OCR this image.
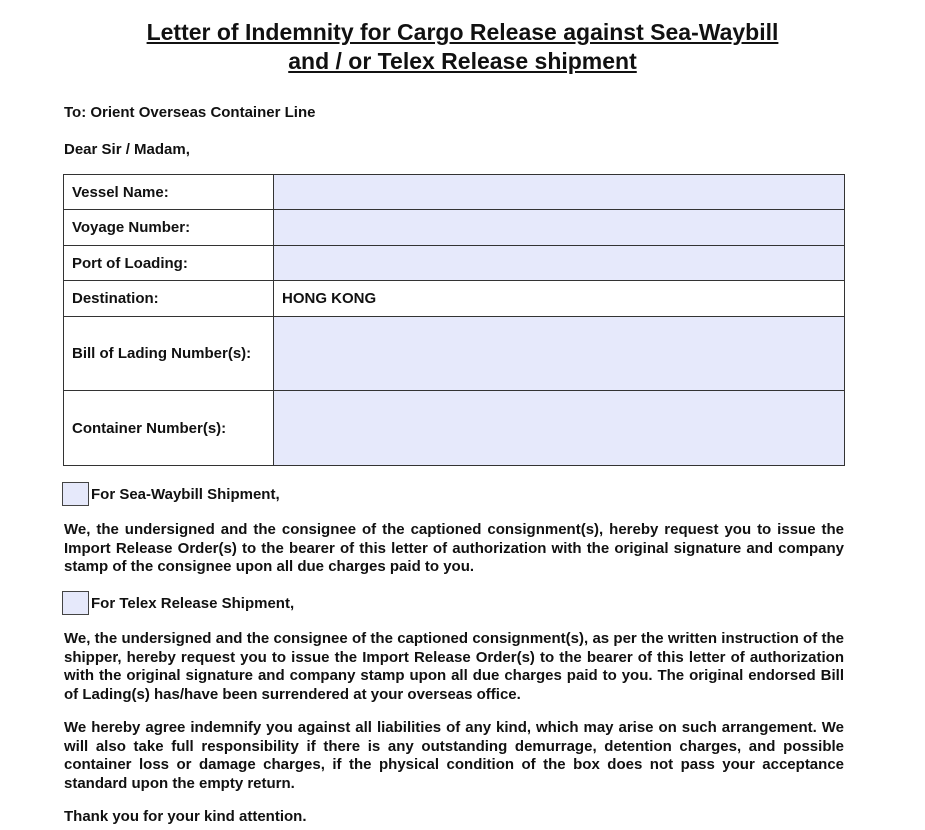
Letter of Indemnity for Cargo Release against Sea-Waybill
and / or Telex Release shipment
To: Orient Overseas Container Line
Dear Sir / Madam,
Vessel Name:	
Voyage Number:	
Port of Loading:	
Destination:	HONG KONG
Bill of Lading Number(s):	
Container Number(s):	
For Sea-Waybill Shipment,
We, the undersigned and the consignee of the captioned consignment(s), hereby request you to issue the Import Release Order(s) to the bearer of this letter of authorization with the original signature and company stamp of the consignee upon all due charges paid to you.
For Telex Release Shipment,
We, the undersigned and the consignee of the captioned consignment(s), as per the written instruction of the shipper, hereby request you to issue the Import Release Order(s) to the bearer of this letter of authorization with the original signature and company stamp upon all due charges paid to you. The original endorsed Bill of Lading(s) has/have been surrendered at your overseas office.
We hereby agree indemnify you against all liabilities of any kind, which may arise on such arrangement. We will also take full responsibility if there is any outstanding demurrage, detention charges, and possible container loss or damage charges, if the physical condition of the box does not pass your acceptance standard upon the empty return.
Thank you for your kind attention.
